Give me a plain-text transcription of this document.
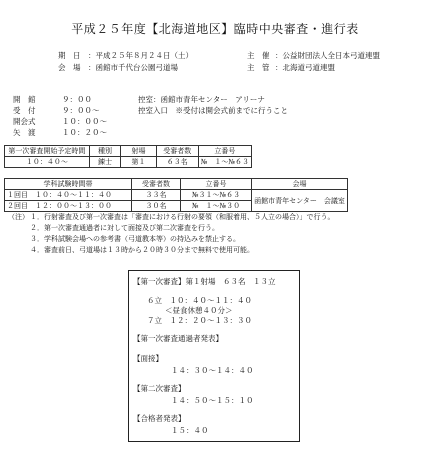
平成２５年度【北海道地区】臨時中央審査・進行表
期　日 ：平成２５年８月２４日（土）
会　場 ：函館市千代台公園弓道場
主　催 ：公益財団法人全日本弓道連盟
主　管 ：北海道弓道連盟
開　館	９：００	控室：函館市青年センター　アリーナ
受　付	９：００〜	控室入口　※受付は開会式前までに行うこと
開会式	１０：００〜
矢　渡	１０：２０〜
第一次審査開始予定時間	種別	射場	受審者数	立番号
１０：４０〜	錬士	第１	６３名	№　１〜№６３
学科試験時間帯	受審者数	立番号	会場
１回目　１０：４０〜１１：４０	３３名	№３１〜№６３	函館市青年センター　会議室
２回目　１２：００〜１３：００	３０名	№　１〜№３０	
（注） １．行射審査及び第一次審査は「審査における行射の要領（和服着用、５人立の場合）」で行う。
２．第一次審査通過者に対して面接及び第二次審査を行う。
３．学科試験会場への参考書（弓道教本等）の持込みを禁止する。
４．審査前日、弓道場は１３時から２０時３０分まで無料で使用可能。
【第一次審査】第１射場　６３名　１３立
６立　１０：４０〜１１：４０
＜昼食休憩４０分＞
７立　１２：２０〜１３：３０
【第一次審査通過者発表】
【面接】
１４：３０〜１４：４０
【第二次審査】
１４：５０〜１５：１０
【合格者発表】
１５：４０
